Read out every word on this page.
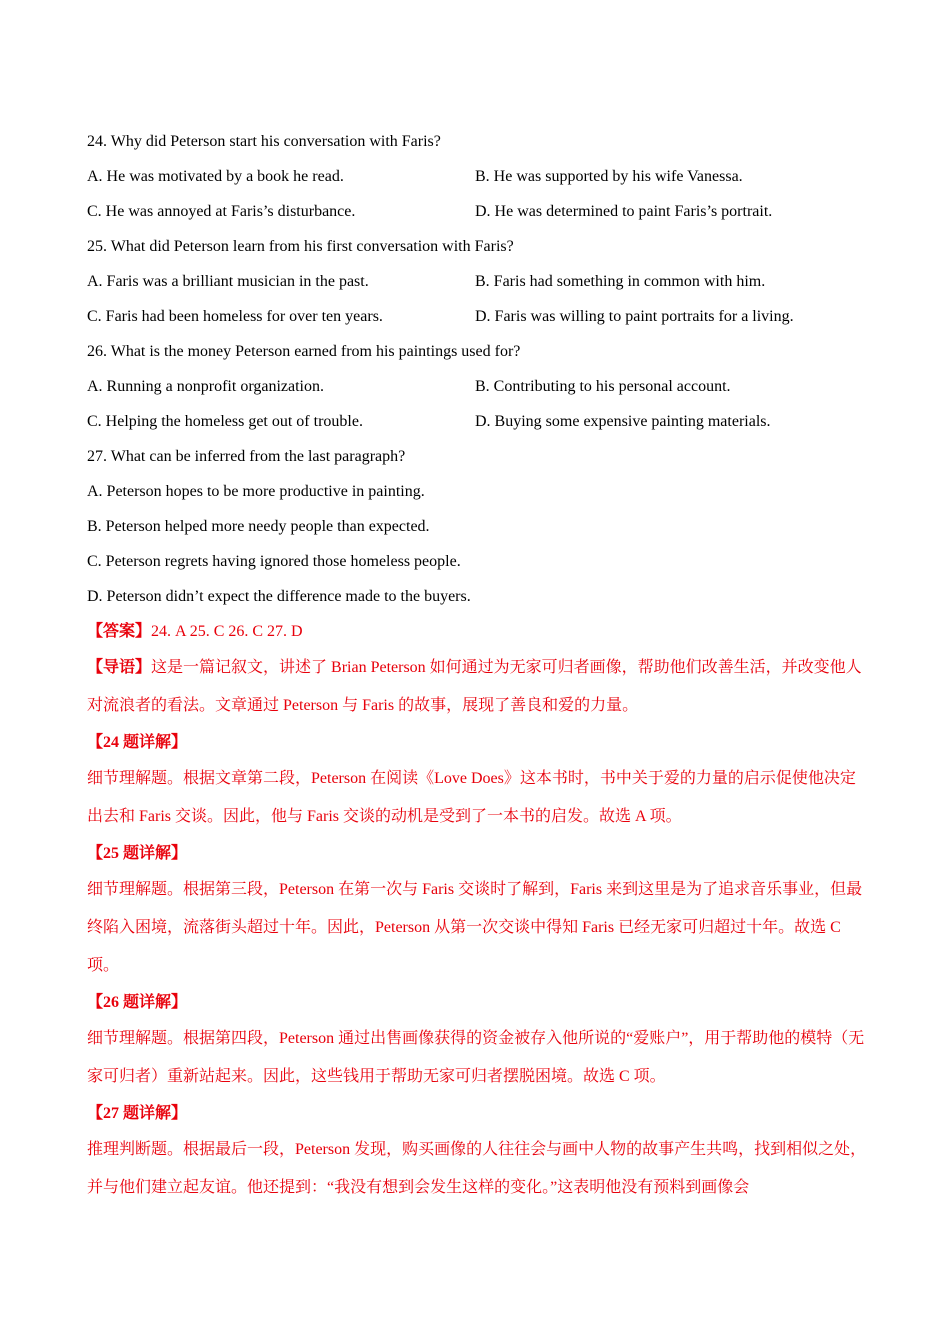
24. Why did Peterson start his conversation with Faris?
A. He was motivated by a book he read.	B. He was supported by his wife Vanessa.
C. He was annoyed at Faris’s disturbance.	D. He was determined to paint Faris’s portrait.
25. What did Peterson learn from his first conversation with Faris?
A. Faris was a brilliant musician in the past.	B. Faris had something in common with him.
C. Faris had been homeless for over ten years.	D. Faris was willing to paint portraits for a living.
26. What is the money Peterson earned from his paintings used for?
A. Running a nonprofit organization.	B. Contributing to his personal account.
C. Helping the homeless get out of trouble.	D. Buying some expensive painting materials.
27. What can be inferred from the last paragraph?
A. Peterson hopes to be more productive in painting.
B. Peterson helped more needy people than expected.
C. Peterson regrets having ignored those homeless people.
D. Peterson didn’t expect the difference made to the buyers.
【答案】24. A 25. C 26. C 27. D
【导语】这是一篇记叙文，讲述了 Brian Peterson 如何通过为无家可归者画像，帮助他们改善生活，并改变他人对流浪者的看法。文章通过 Peterson 与 Faris 的故事，展现了善良和爱的力量。
【24 题详解】
细节理解题。根据文章第二段，Peterson 在阅读《Love Does》这本书时，书中关于爱的力量的启示促使他决定出去和 Faris 交谈。因此，他与 Faris 交谈的动机是受到了一本书的启发。故选 A 项。
【25 题详解】
细节理解题。根据第三段，Peterson 在第一次与 Faris 交谈时了解到，Faris 来到这里是为了追求音乐事业，但最终陷入困境，流落街头超过十年。因此，Peterson 从第一次交谈中得知 Faris 已经无家可归超过十年。故选 C 项。
【26 题详解】
细节理解题。根据第四段，Peterson 通过出售画像获得的资金被存入他所说的“爱账户”，用于帮助他的模特（无家可归者）重新站起来。因此，这些钱用于帮助无家可归者摆脱困境。故选 C 项。
【27 题详解】
推理判断题。根据最后一段，Peterson 发现，购买画像的人往往会与画中人物的故事产生共鸣，找到相似之处，并与他们建立起友谊。他还提到：“我没有想到会发生这样的变化。”这表明他没有预料到画像会
